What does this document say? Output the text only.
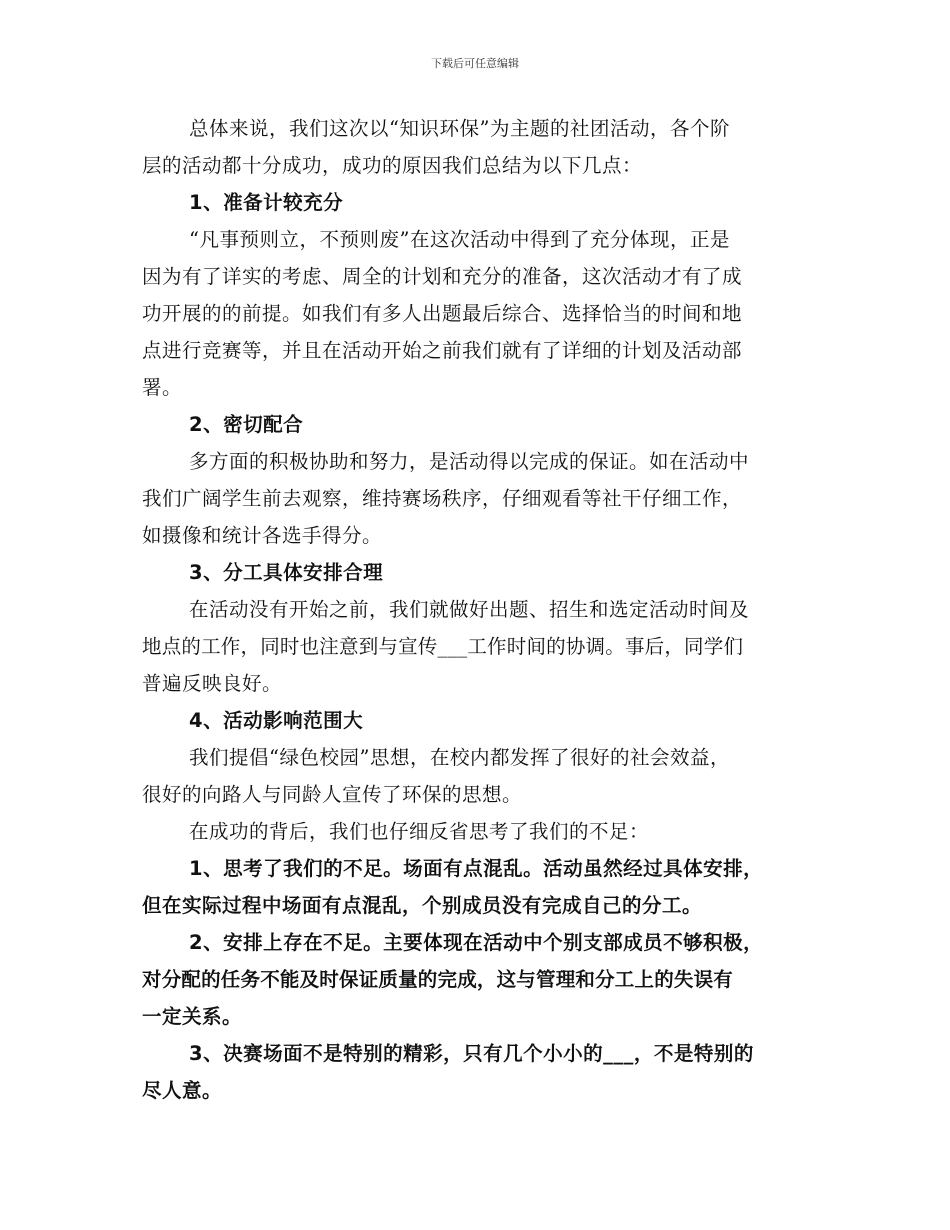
下载后可任意编辑
总体来说，我们这次以“知识环保”为主题的社团活动，各个阶
层的活动都十分成功，成功的原因我们总结为以下几点：
1、准备计较充分
“凡事预则立，不预则废”在这次活动中得到了充分体现，正是
因为有了详实的考虑、周全的计划和充分的准备，这次活动才有了成
功开展的的前提。如我们有多人出题最后综合、选择恰当的时间和地
点进行竞赛等，并且在活动开始之前我们就有了详细的计划及活动部
署。
2、密切配合
多方面的积极协助和努力，是活动得以完成的保证。如在活动中
我们广阔学生前去观察，维持赛场秩序，仔细观看等社干仔细工作，
如摄像和统计各选手得分。
3、分工具体安排合理
在活动没有开始之前，我们就做好出题、招生和选定活动时间及
地点的工作，同时也注意到与宣传___工作时间的协调。事后，同学们
普遍反映良好。
4、活动影响范围大
我们提倡“绿色校园”思想，在校内都发挥了很好的社会效益，
很好的向路人与同龄人宣传了环保的思想。
在成功的背后，我们也仔细反省思考了我们的不足：
1、思考了我们的不足。场面有点混乱。活动虽然经过具体安排，
但在实际过程中场面有点混乱，个别成员没有完成自己的分工。
2、安排上存在不足。主要体现在活动中个别支部成员不够积极，
对分配的任务不能及时保证质量的完成，这与管理和分工上的失误有
一定关系。
3、决赛场面不是特别的精彩，只有几个小小的___，不是特别的
尽人意。
